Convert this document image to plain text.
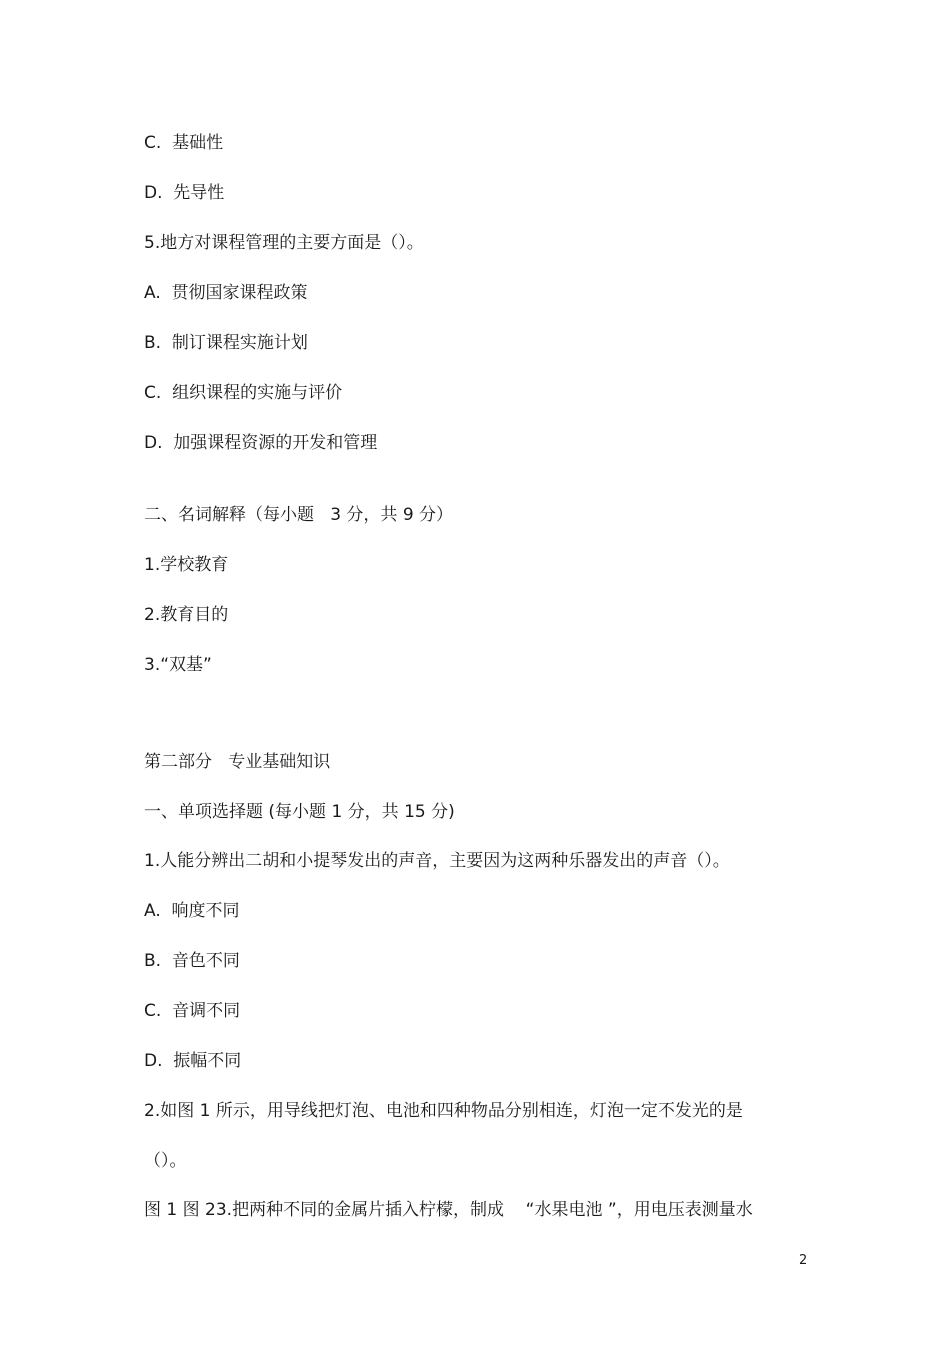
C.  基础性
D.  先导性
5.地方对课程管理的主要方面是（）。
A.  贯彻国家课程政策
B.  制订课程实施计划
C.  组织课程的实施与评价
D.  加强课程资源的开发和管理
二、名词解释（每小题   3 分，共 9 分）
1.学校教育
2.教育目的
3.“双基”
第二部分   专业基础知识
一、单项选择题 (每小题 1 分，共 15 分)
1.人能分辨出二胡和小提琴发出的声音，主要因为这两种乐器发出的声音（）。
A.  响度不同
B.  音色不同
C.  音调不同
D.  振幅不同
2.如图 1 所示，用导线把灯泡、电池和四种物品分别相连，灯泡一定不发光的是
（）。
图 1 图 23.把两种不同的金属片插入柠檬，制成    “水果电池 ”，用电压表测量水
2
